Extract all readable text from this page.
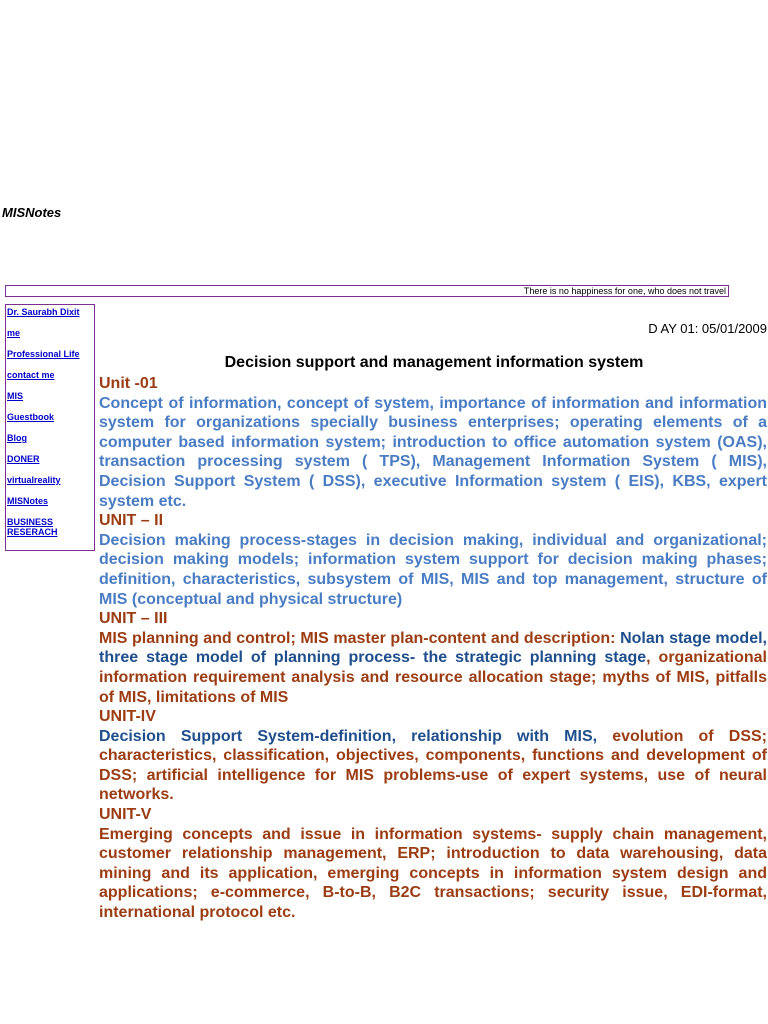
MISNotes
There is no happiness for one, who does not travel
Dr. Saurabh Dixit
me
Professional Life
contact me
MIS
Guestbook
Blog
DONER
virtualreality
MISNotes
BUSINESS RESERACH
D AY 01: 05/01/2009
Decision support and management information system
Unit -01

Concept of information, concept of system, importance of information and information system for organizations specially business enterprises; operating elements of a computer based information system; introduction to office automation system (OAS), transaction processing system ( TPS), Management Information System ( MIS), Decision Support System ( DSS), executive Information system ( EIS), KBS, expert system etc.

UNIT – II

Decision making process-stages in decision making, individual and organizational; decision making models; information system support for decision making phases; definition, characteristics, subsystem of MIS, MIS and top management, structure of MIS (conceptual and physical structure)

UNIT – III

MIS planning and control; MIS master plan-content and description: Nolan stage model, three stage model of planning process- the strategic planning stage, organizational information requirement analysis and resource allocation stage; myths of MIS, pitfalls of MIS, limitations of MIS

UNIT-IV

Decision Support System-definition, relationship with MIS, evolution of DSS; characteristics, classification, objectives, components, functions and development of DSS; artificial intelligence for MIS problems-use of expert systems, use of neural networks.

UNIT-V

Emerging concepts and issue in information systems- supply chain management, customer relationship management, ERP; introduction to data warehousing, data mining and its application, emerging concepts in information system design and applications; e-commerce, B-to-B, B2C transactions; security issue, EDI-format, international protocol etc.
